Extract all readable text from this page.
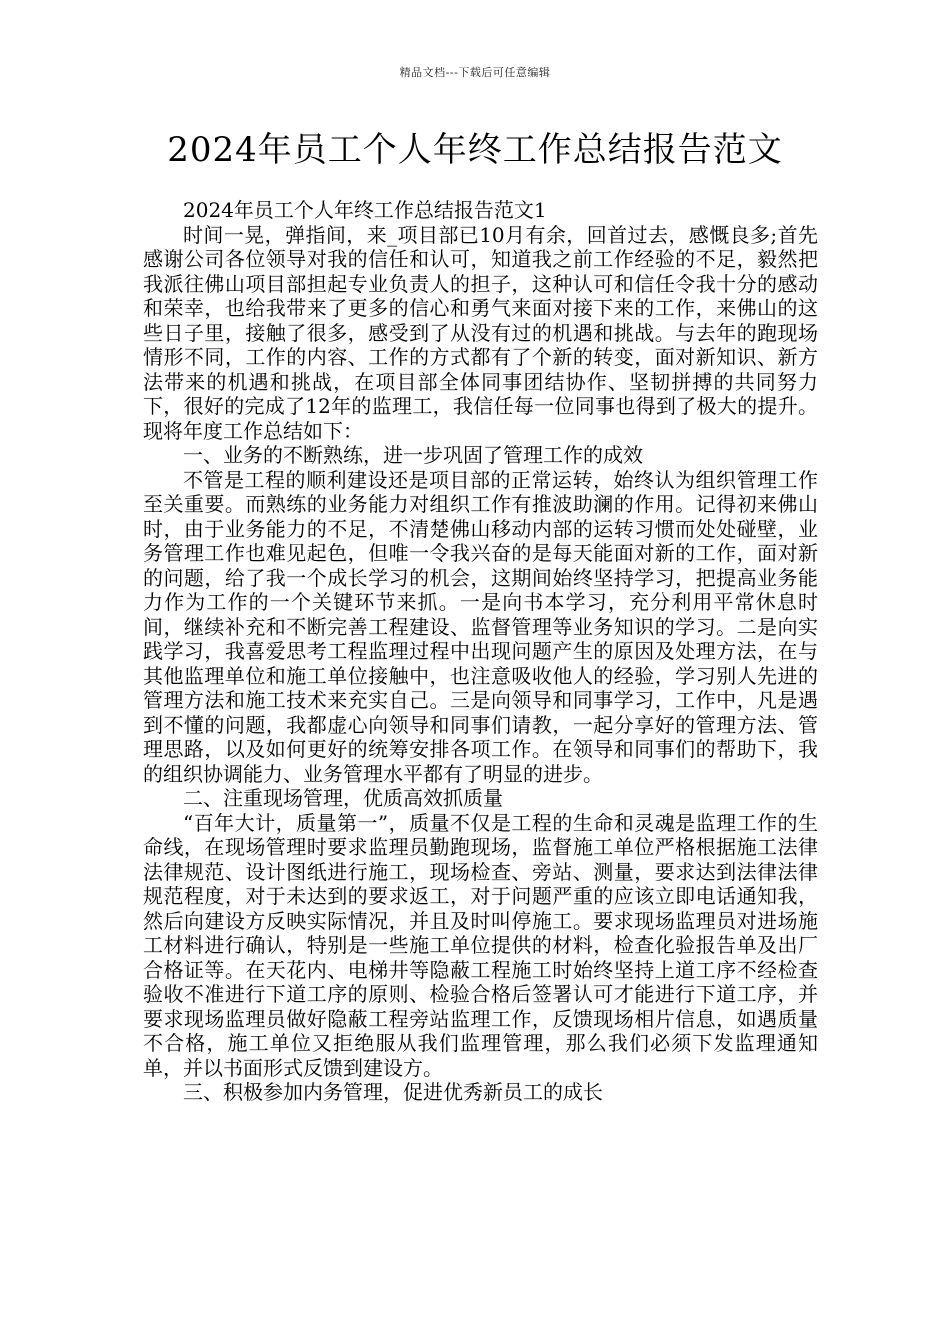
精品文档---下载后可任意编辑
2024年员工个人年终工作总结报告范文

2024年员工个人年终工作总结报告范文1

时间一晃，弹指间，来_项目部已10月有余，回首过去，感慨良多;首先感谢公司各位领导对我的信任和认可，知道我之前工作经验的不足，毅然把我派往佛山项目部担起专业负责人的担子，这种认可和信任令我十分的感动和荣幸，也给我带来了更多的信心和勇气来面对接下来的工作，来佛山的这些日子里，接触了很多，感受到了从没有过的机遇和挑战。与去年的跑现场情形不同，工作的内容、工作的方式都有了个新的转变，面对新知识、新方法带来的机遇和挑战，在项目部全体同事团结协作、坚韧拼搏的共同努力下，很好的完成了12年的监理工，我信任每一位同事也得到了极大的提升。现将年度工作总结如下：

一、业务的不断熟练，进一步巩固了管理工作的成效

不管是工程的顺利建设还是项目部的正常运转，始终认为组织管理工作至关重要。而熟练的业务能力对组织工作有推波助澜的作用。记得初来佛山时，由于业务能力的不足，不清楚佛山移动内部的运转习惯而处处碰壁，业务管理工作也难见起色，但唯一令我兴奋的是每天能面对新的工作，面对新的问题，给了我一个成长学习的机会，这期间始终坚持学习，把提高业务能力作为工作的一个关键环节来抓。一是向书本学习，充分利用平常休息时间，继续补充和不断完善工程建设、监督管理等业务知识的学习。二是向实践学习，我喜爱思考工程监理过程中出现问题产生的原因及处理方法，在与其他监理单位和施工单位接触中，也注意吸收他人的经验，学习别人先进的管理方法和施工技术来充实自己。三是向领导和同事学习，工作中，凡是遇到不懂的问题，我都虚心向领导和同事们请教，一起分享好的管理方法、管理思路，以及如何更好的统筹安排各项工作。在领导和同事们的帮助下，我的组织协调能力、业务管理水平都有了明显的进步。

二、注重现场管理，优质高效抓质量

“百年大计，质量第一”，质量不仅是工程的生命和灵魂是监理工作的生命线，在现场管理时要求监理员勤跑现场，监督施工单位严格根据施工法律法律规范、设计图纸进行施工，现场检查、旁站、测量，要求达到法律法律规范程度，对于未达到的要求返工，对于问题严重的应该立即电话通知我，然后向建设方反映实际情况，并且及时叫停施工。要求现场监理员对进场施工材料进行确认，特别是一些施工单位提供的材料，检查化验报告单及出厂合格证等。在天花内、电梯井等隐蔽工程施工时始终坚持上道工序不经检查验收不准进行下道工序的原则、检验合格后签署认可才能进行下道工序，并要求现场监理员做好隐蔽工程旁站监理工作，反馈现场相片信息，如遇质量不合格，施工单位又拒绝服从我们监理管理，那么我们必须下发监理通知单，并以书面形式反馈到建设方。

三、积极参加内务管理，促进优秀新员工的成长
